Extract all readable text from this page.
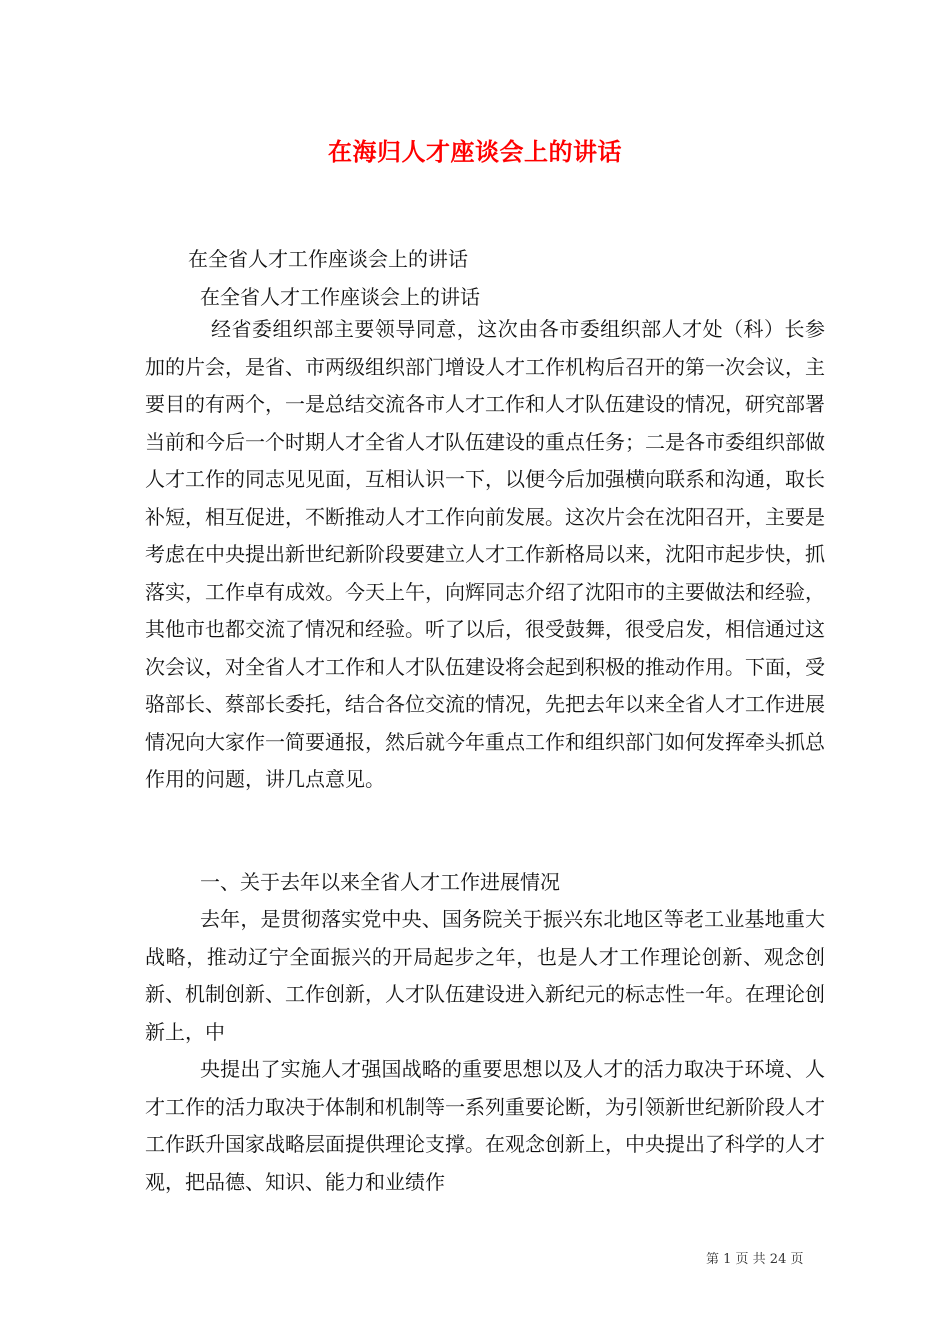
在海归人才座谈会上的讲话
在全省人才工作座谈会上的讲话
在全省人才工作座谈会上的讲话

经省委组织部主要领导同意，这次由各市委组织部人才处（科）长参加的片会，是省、市两级组织部门增设人才工作机构后召开的第一次会议，主要目的有两个，一是总结交流各市人才工作和人才队伍建设的情况，研究部署当前和今后一个时期人才全省人才队伍建设的重点任务；二是各市委组织部做人才工作的同志见见面，互相认识一下，以便今后加强横向联系和沟通，取长补短，相互促进，不断推动人才工作向前发展。这次片会在沈阳召开，主要是考虑在中央提出新世纪新阶段要建立人才工作新格局以来，沈阳市起步快，抓落实，工作卓有成效。今天上午，向辉同志介绍了沈阳市的主要做法和经验，其他市也都交流了情况和经验。听了以后，很受鼓舞，很受启发，相信通过这次会议，对全省人才工作和人才队伍建设将会起到积极的推动作用。下面，受骆部长、蔡部长委托，结合各位交流的情况，先把去年以来全省人才工作进展情况向大家作一简要通报，然后就今年重点工作和组织部门如何发挥牵头抓总作用的问题，讲几点意见。

一、关于去年以来全省人才工作进展情况

去年，是贯彻落实党中央、国务院关于振兴东北地区等老工业基地重大战略，推动辽宁全面振兴的开局起步之年，也是人才工作理论创新、观念创新、机制创新、工作创新，人才队伍建设进入新纪元的标志性一年。在理论创新上，中

央提出了实施人才强国战略的重要思想以及人才的活力取决于环境、人才工作的活力取决于体制和机制等一系列重要论断，为引领新世纪新阶段人才工作跃升国家战略层面提供理论支撑。在观念创新上，中央提出了科学的人才观，把品德、知识、能力和业绩作

第 1 页 共 24 页
